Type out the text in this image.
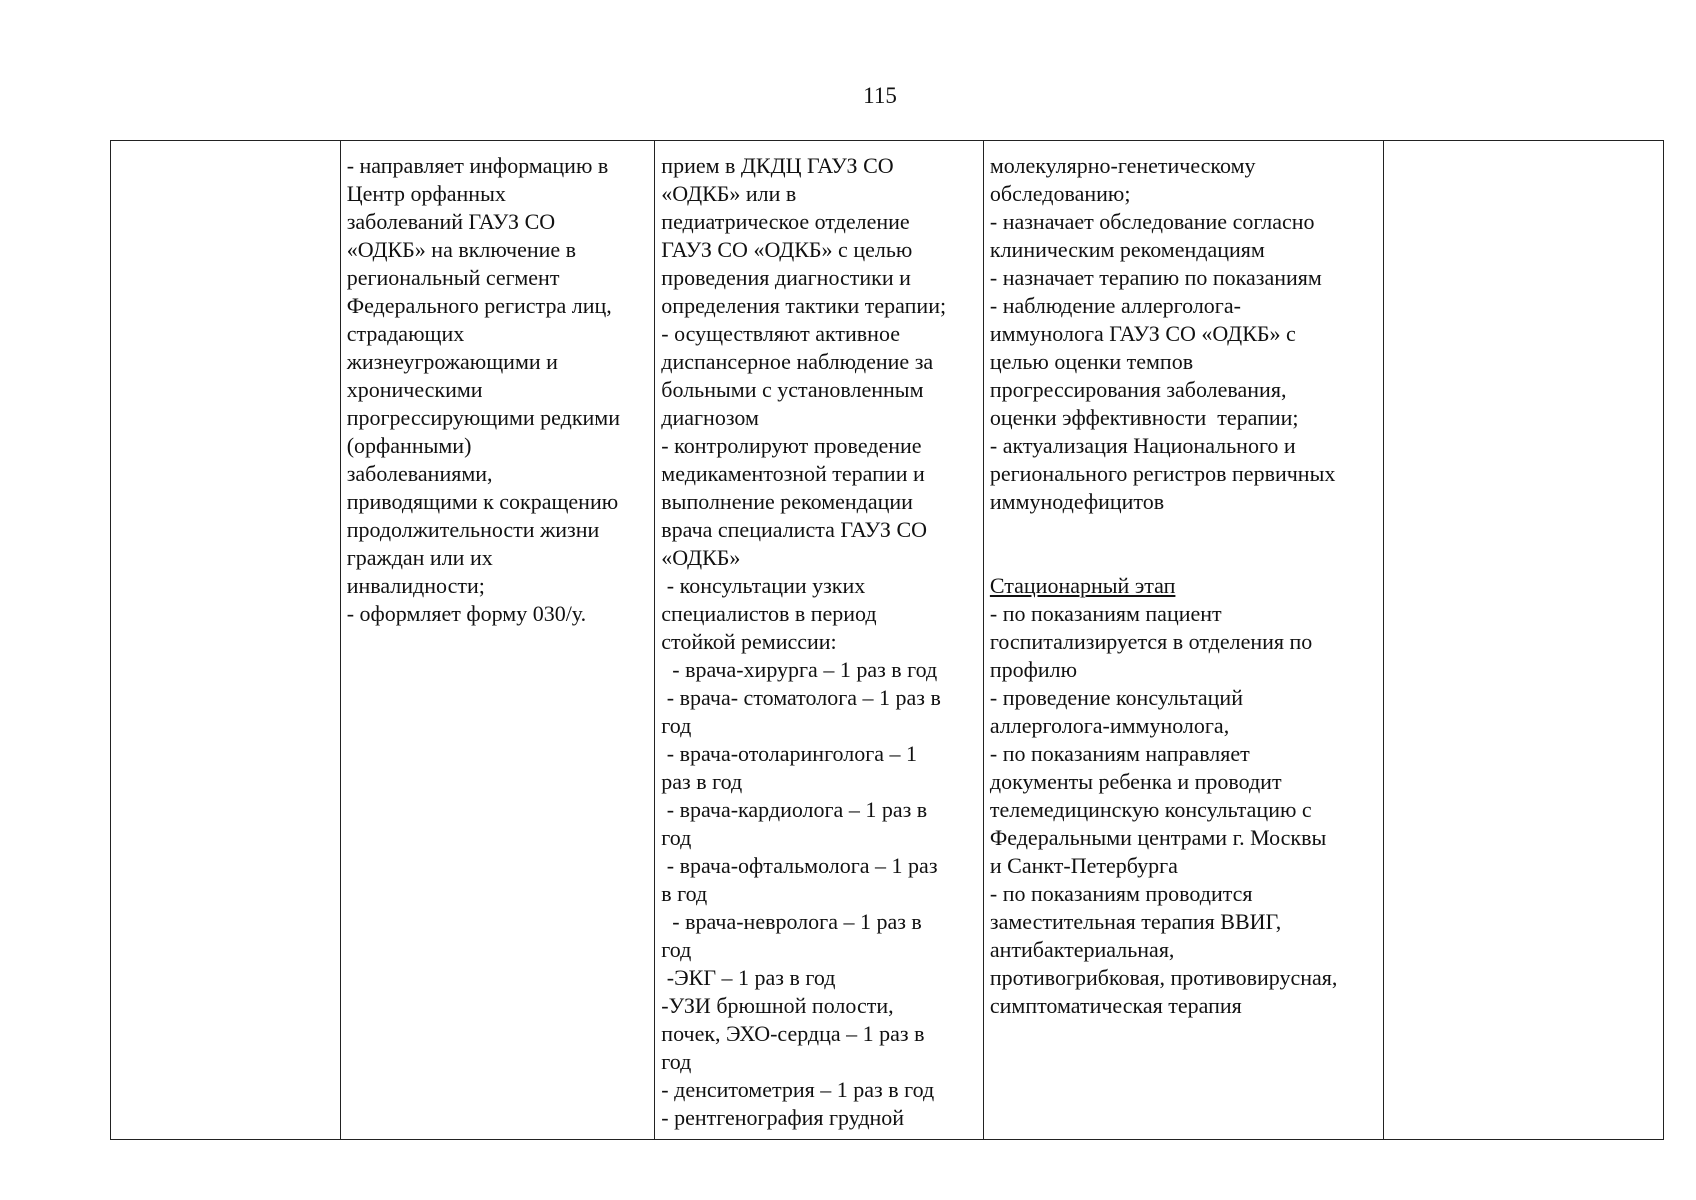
115
- направляет информацию в
Центр орфанных
заболеваний ГАУЗ СО
«ОДКБ» на включение в
региональный сегмент
Федерального регистра лиц,
страдающих
жизнеугрожающими и
хроническими
прогрессирующими редкими
(орфанными)
заболеваниями,
приводящими к сокращению
продолжительности жизни
граждан или их
инвалидности;
- оформляет форму 030/у.
прием в ДКДЦ ГАУЗ СО
«ОДКБ» или в
педиатрическое отделение
ГАУЗ СО «ОДКБ» с целью
проведения диагностики и
определения тактики терапии;
- осуществляют активное
диспансерное наблюдение за
больными с установленным
диагнозом
- контролируют проведение
медикаментозной терапии и
выполнение рекомендации
врача специалиста ГАУЗ СО
«ОДКБ»
- консультации узких
специалистов в период
стойкой ремиссии:
- врача-хирурга – 1 раз в год
- врача- стоматолога – 1 раз в
год
- врача-отоларинголога – 1
раз в год
- врача-кардиолога – 1 раз в
год
- врача-офтальмолога – 1 раз
в год
- врача-невролога – 1 раз в
год
-ЭКГ – 1 раз в год
-УЗИ брюшной полости,
почек, ЭХО-сердца – 1 раз в
год
- денситометрия – 1 раз в год
- рентгенография грудной
молекулярно-генетическому
обследованию;
- назначает обследование согласно
клиническим рекомендациям
- назначает терапию по показаниям
- наблюдение аллерголога-
иммунолога ГАУЗ СО «ОДКБ» с
целью оценки темпов
прогрессирования заболевания,
оценки эффективности  терапии;
- актуализация Национального и
регионального регистров первичных
иммунодефицитов
Стационарный этап
- по показаниям пациент
госпитализируется в отделения по
профилю
- проведение консультаций
аллерголога-иммунолога,
- по показаниям направляет
документы ребенка и проводит
телемедицинскую консультацию с
Федеральными центрами г. Москвы
и Санкт-Петербурга
- по показаниям проводится
заместительная терапия ВВИГ,
антибактериальная,
противогрибковая, противовирусная,
симптоматическая терапия
